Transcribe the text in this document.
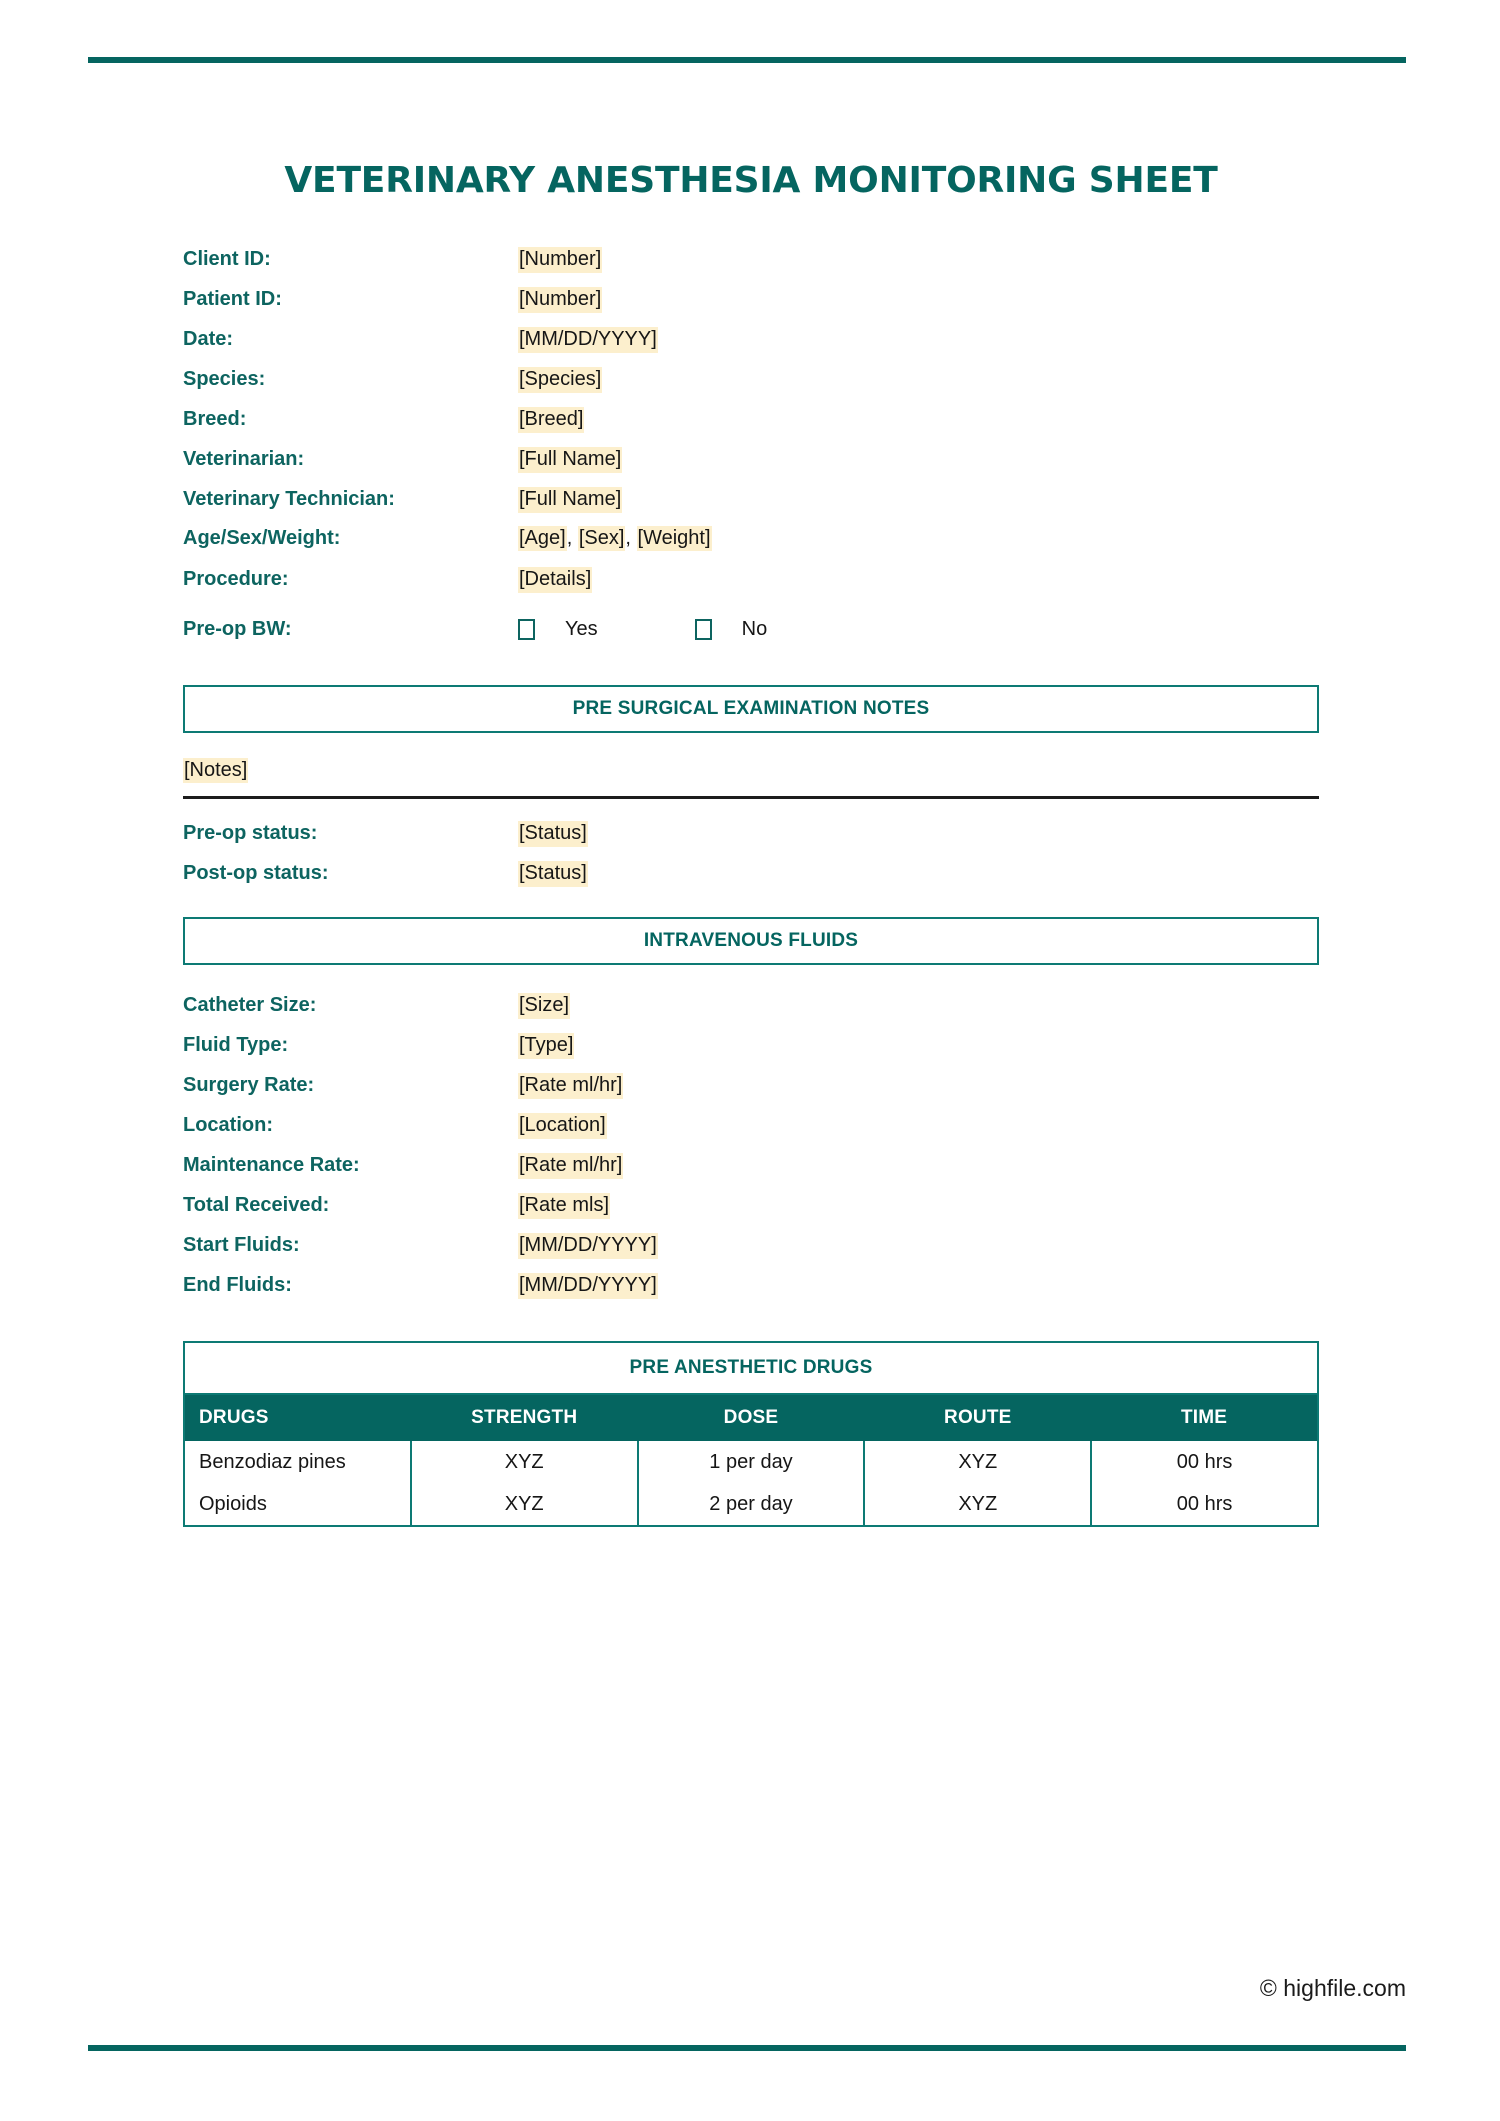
VETERINARY ANESTHESIA MONITORING SHEET
Client ID:	[Number]
Patient ID:	[Number]
Date:	[MM/DD/YYYY]
Species:	[Species]
Breed:	[Breed]
Veterinarian:	[Full Name]
Veterinary Technician:	[Full Name]
Age/Sex/Weight:	[Age], [Sex], [Weight]
Procedure:	[Details]
Pre-op BW:	Yes	No
PRE SURGICAL EXAMINATION NOTES
[Notes]
Pre-op status:	[Status]
Post-op status:	[Status]
INTRAVENOUS FLUIDS
Catheter Size:	[Size]
Fluid Type:	[Type]
Surgery Rate:	[Rate ml/hr]
Location:	[Location]
Maintenance Rate:	[Rate ml/hr]
Total Received:	[Rate mls]
Start Fluids:	[MM/DD/YYYY]
End Fluids:	[MM/DD/YYYY]
PRE ANESTHETIC DRUGS				
DRUGS	STRENGTH	DOSE	ROUTE	TIME
Benzodiaz pines	XYZ	1 per day	XYZ	00 hrs
Opioids	XYZ	2 per day	XYZ	00 hrs
© highfile.com
